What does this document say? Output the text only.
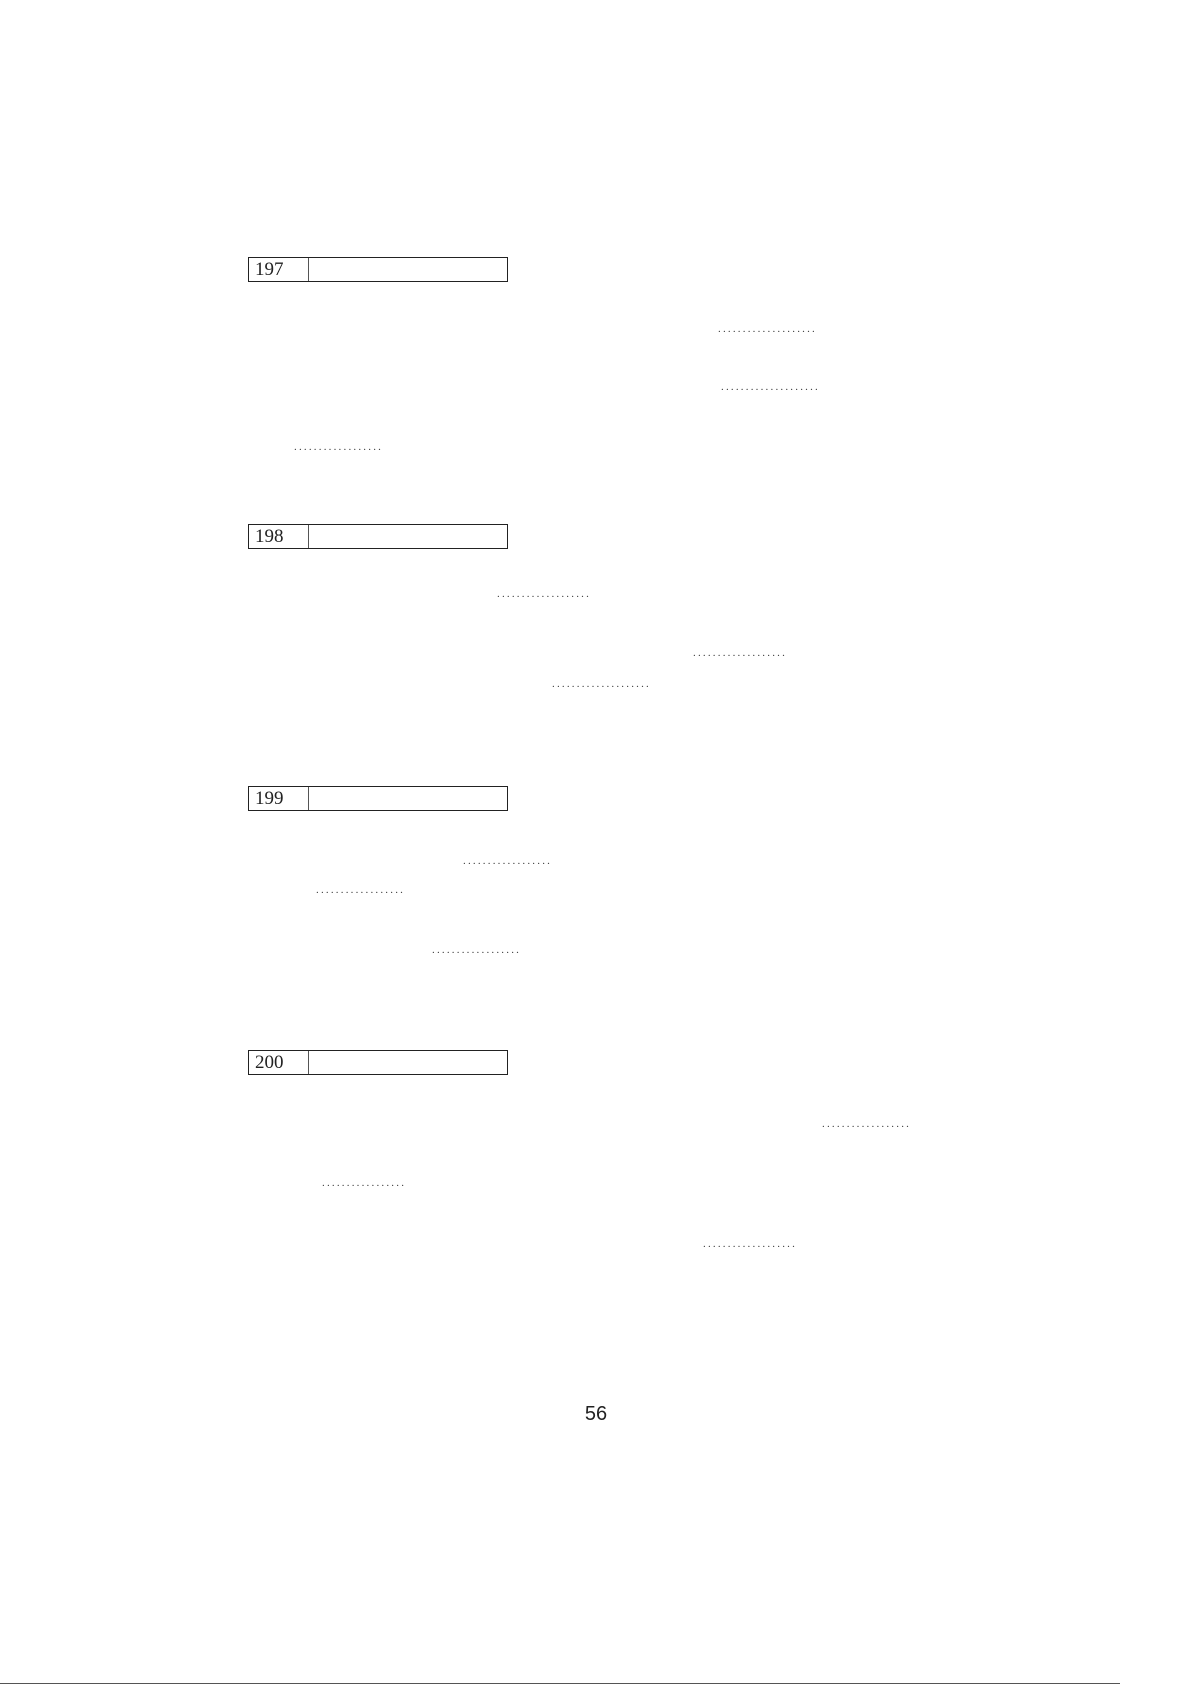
197
....................
....................
..................
198
...................
...................
....................
199
..................
..................
..................
200
..................
.................
...................
56
